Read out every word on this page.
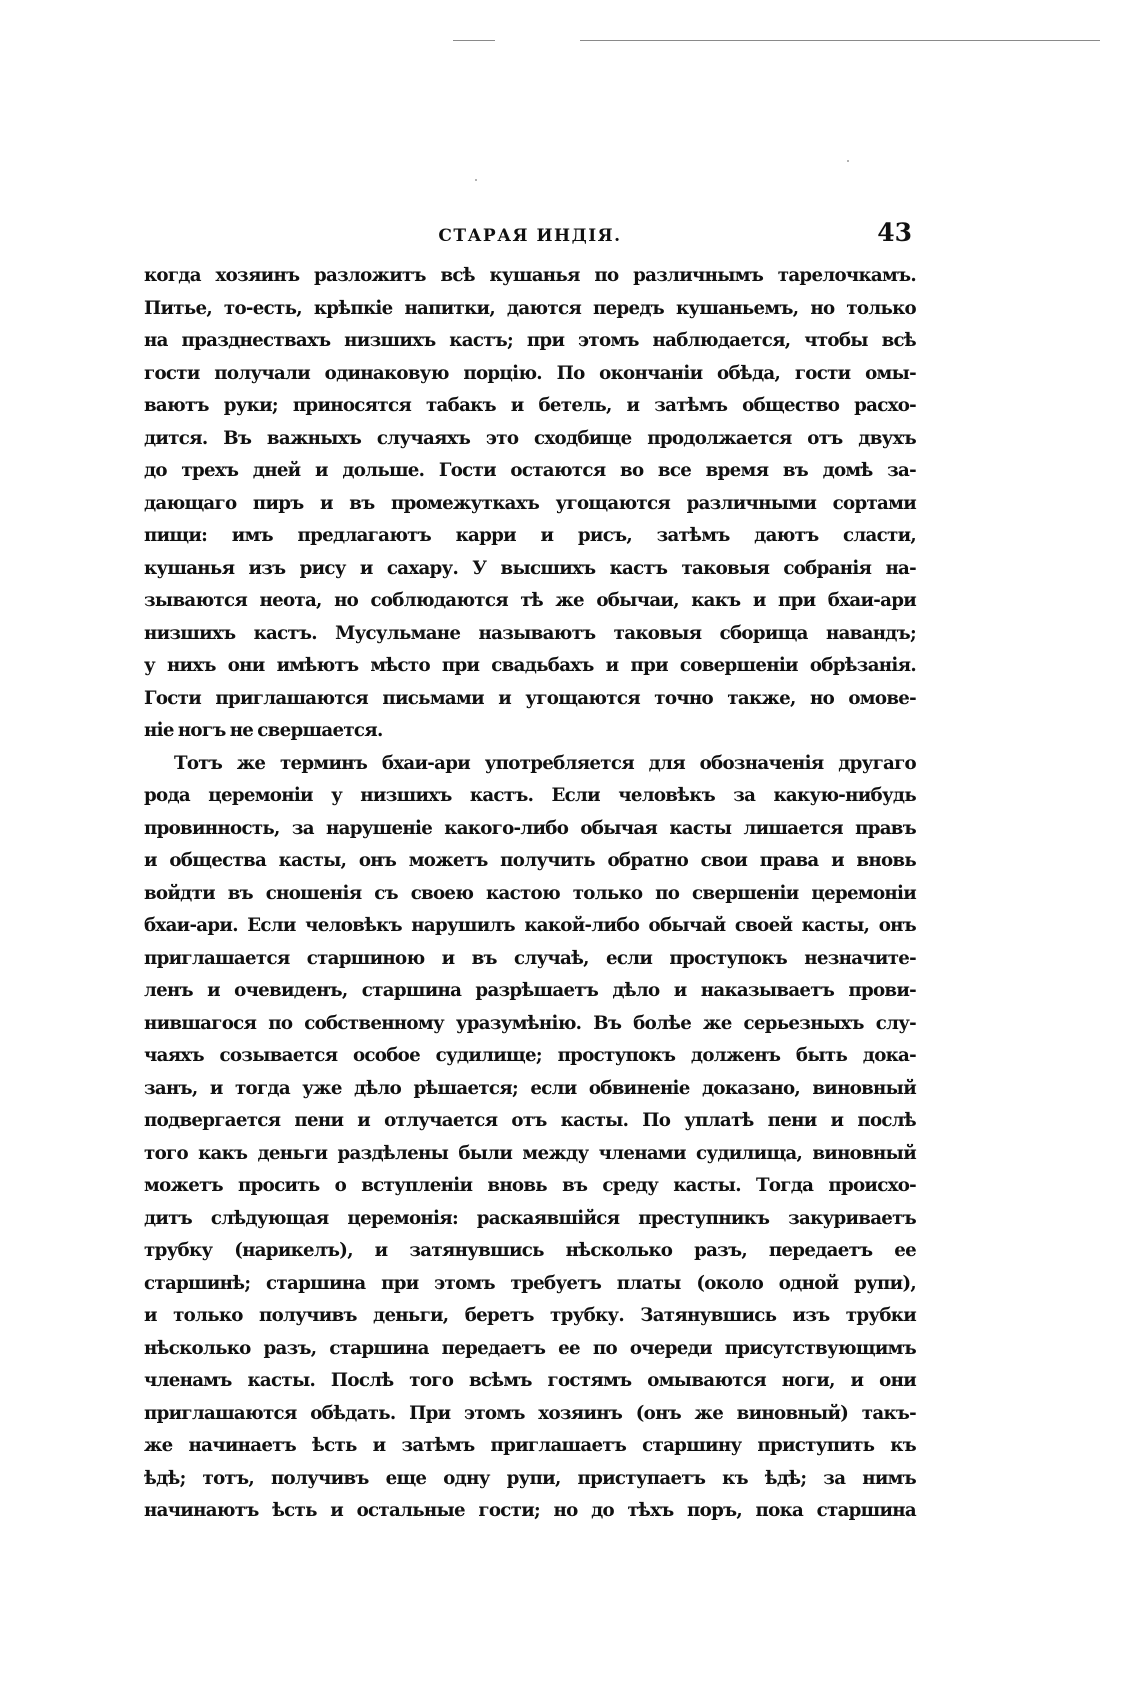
СТАРАЯ ИНДІЯ.	43
когда хозяинъ разложитъ всѣ кушанья по различнымъ тарелочкамъ.
Питье, то-есть, крѣпкіе напитки, даются передъ кушаньемъ, но только
на празднествахъ низшихъ кастъ; при этомъ наблюдается, чтобы всѣ
гости получали одинаковую порцію. По окончаніи обѣда, гости омы-
ваютъ руки; приносятся табакъ и бетель, и затѣмъ общество расхо-
дится. Въ важныхъ случаяхъ это сходбище продолжается отъ двухъ
до трехъ дней и дольше. Гости остаются во все время въ домѣ за-
дающаго пиръ и въ промежуткахъ угощаются различными сортами
пищи: имъ предлагаютъ карри и рисъ, затѣмъ даютъ сласти,
кушанья изъ рису и сахару. У высшихъ кастъ таковыя собранія на-
зываются неота, но соблюдаются тѣ же обычаи, какъ и при бхаи-ари
низшихъ кастъ. Мусульмане называютъ таковыя сборища навандъ;
у нихъ они имѣютъ мѣсто при свадьбахъ и при совершеніи обрѣзанія.
Гости приглашаются письмами и угощаются точно также, но омове-
ніе ногъ не свершается.
Тотъ же терминъ бхаи-ари употребляется для обозначенія другаго
рода церемоніи у низшихъ кастъ. Если человѣкъ за какую-нибудь
провинность, за нарушеніе какого-либо обычая касты лишается правъ
и общества касты, онъ можетъ получить обратно свои права и вновь
войдти въ сношенія съ своею кастою только по свершеніи церемоніи
бхаи-ари. Если человѣкъ нарушилъ какой-либо обычай своей касты, онъ
приглашается старшиною и въ случаѣ, если проступокъ незначите-
ленъ и очевиденъ, старшина разрѣшаетъ дѣло и наказываетъ прови-
нившагося по собственному уразумѣнію. Въ болѣе же серьезныхъ слу-
чаяхъ созывается особое судилище; проступокъ долженъ быть дока-
занъ, и тогда уже дѣло рѣшается; если обвиненіе доказано, виновный
подвергается пени и отлучается отъ касты. По уплатѣ пени и послѣ
того какъ деньги раздѣлены были между членами судилища, виновный
можетъ просить о вступленіи вновь въ среду касты. Тогда происхо-
дитъ слѣдующая церемонія: раскаявшійся преступникъ закуриваетъ
трубку (нарикелъ), и затянувшись нѣсколько разъ, передаетъ ее
старшинѣ; старшина при этомъ требуетъ платы (около одной рупи),
и только получивъ деньги, беретъ трубку. Затянувшись изъ трубки
нѣсколько разъ, старшина передаетъ ее по очереди присутствующимъ
членамъ касты. Послѣ того всѣмъ гостямъ омываются ноги, и они
приглашаются обѣдать. При этомъ хозяинъ (онъ же виновный) такъ-
же начинаетъ ѣсть и затѣмъ приглашаетъ старшину приступить къ
ѣдѣ; тотъ, получивъ еще одну рупи, приступаетъ къ ѣдѣ; за нимъ
начинаютъ ѣсть и остальные гости; но до тѣхъ поръ, пока старшина
